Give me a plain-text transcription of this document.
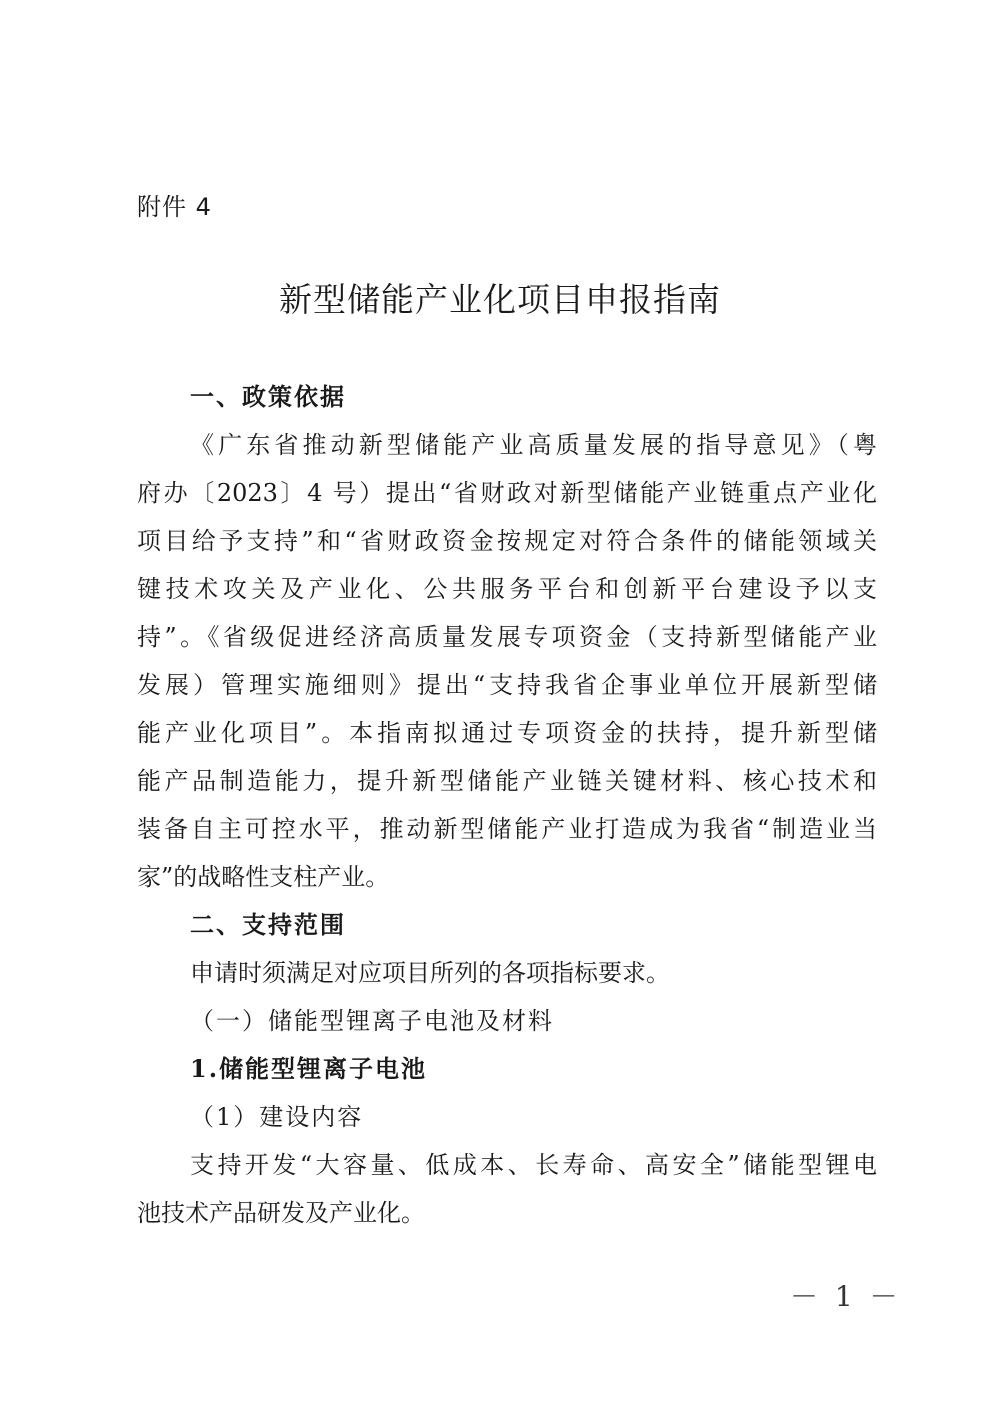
附件 4
新型储能产业化项目申报指南
一、政策依据
《广东省推动新型储能产业高质量发展的指导意见》（粤
府办〔2023〕4 号）提出“省财政对新型储能产业链重点产业化
项目给予支持”和“省财政资金按规定对符合条件的储能领域关
键技术攻关及产业化、公共服务平台和创新平台建设予以支
持”。《省级促进经济高质量发展专项资金（支持新型储能产业
发展）管理实施细则》提出“支持我省企事业单位开展新型储
能产业化项目”。本指南拟通过专项资金的扶持，提升新型储
能产品制造能力，提升新型储能产业链关键材料、核心技术和
装备自主可控水平，推动新型储能产业打造成为我省“制造业当
家”的战略性支柱产业。
二、支持范围
申请时须满足对应项目所列的各项指标要求。
（一）储能型锂离子电池及材料
1.储能型锂离子电池
（1）建设内容
支持开发“大容量、低成本、长寿命、高安全”储能型锂电
池技术产品研发及产业化。
－ 1 －
